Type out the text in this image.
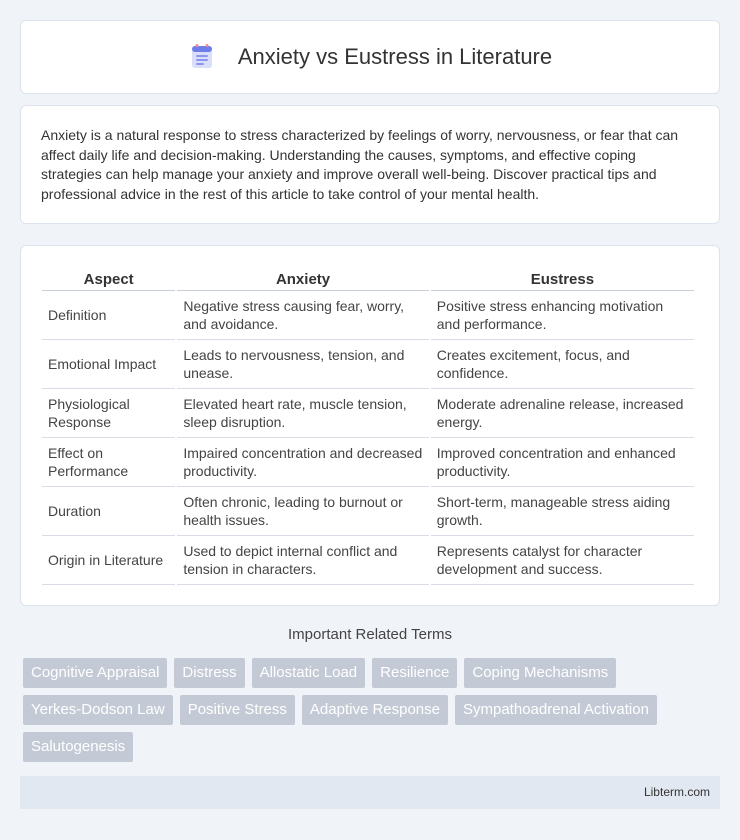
Anxiety vs Eustress in Literature

Anxiety is a natural response to stress characterized by feelings of worry, nervousness, or fear that can affect daily life and decision-making. Understanding the causes, symptoms, and effective coping strategies can help manage your anxiety and improve overall well-being. Discover practical tips and professional advice in the rest of this article to take control of your mental health.

Aspect	Anxiety	Eustress
Definition	Negative stress causing fear, worry, and avoidance.	Positive stress enhancing motivation and performance.
Emotional Impact	Leads to nervousness, tension, and unease.	Creates excitement, focus, and confidence.
Physiological Response	Elevated heart rate, muscle tension, sleep disruption.	Moderate adrenaline release, increased energy.
Effect on Performance	Impaired concentration and decreased productivity.	Improved concentration and enhanced productivity.
Duration	Often chronic, leading to burnout or health issues.	Short-term, manageable stress aiding growth.
Origin in Literature	Used to depict internal conflict and tension in characters.	Represents catalyst for character development and success.
Important Related Terms
Cognitive Appraisal	Distress	Allostatic Load	Resilience	Coping Mechanisms
Yerkes-Dodson Law	Positive Stress	Adaptive Response	Sympathoadrenal Activation
Salutogenesis
Libterm.com
